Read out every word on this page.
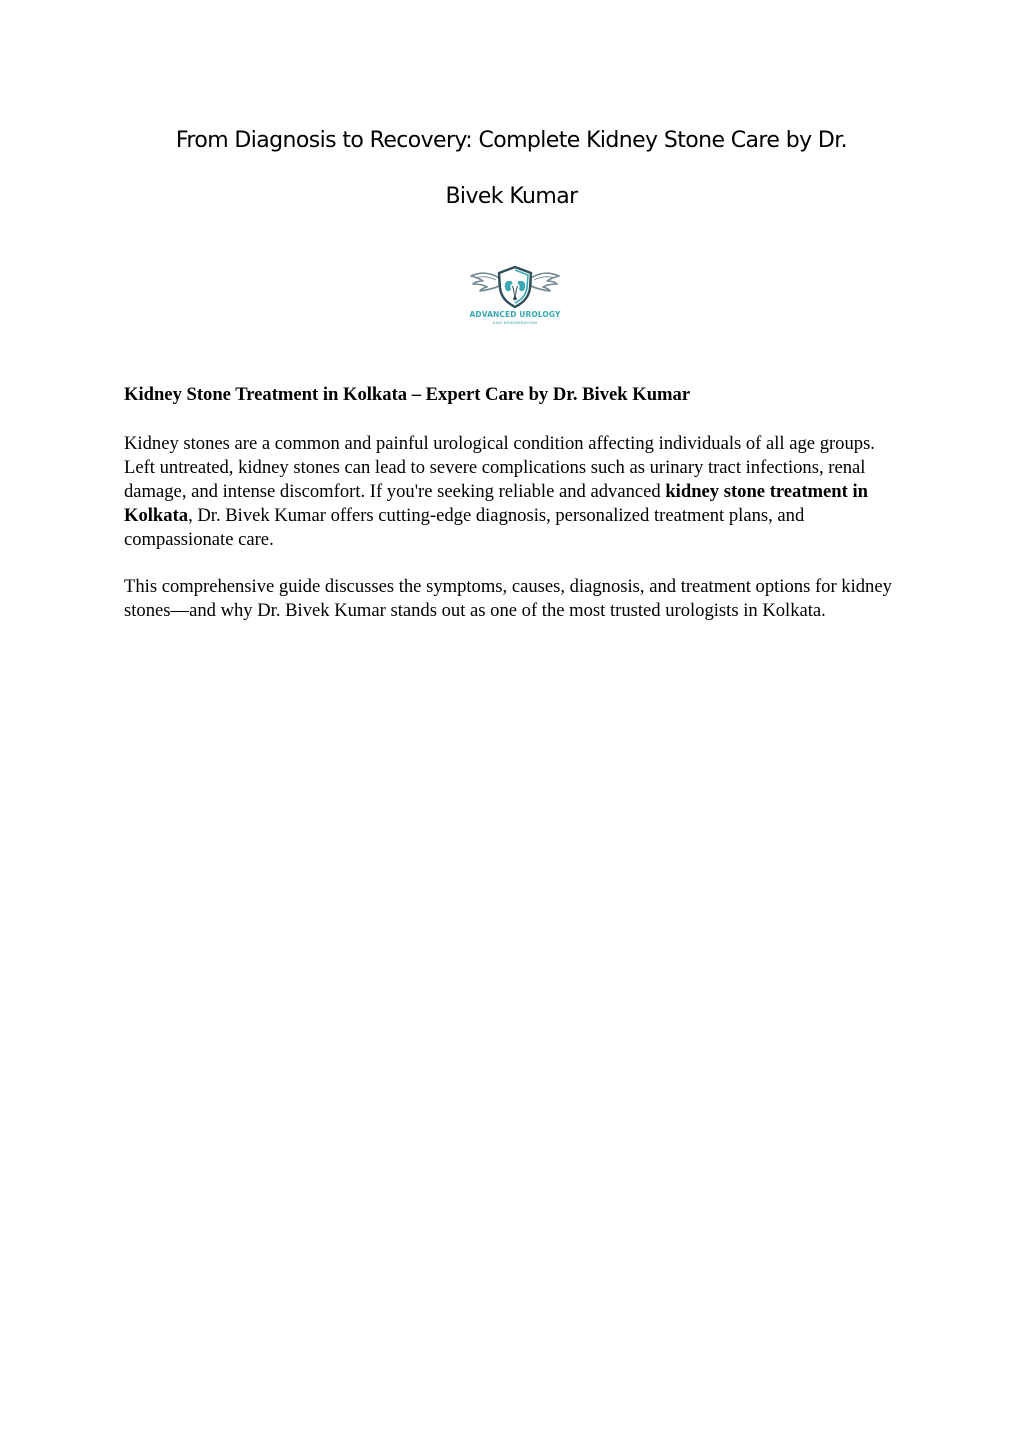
From Diagnosis to Recovery: Complete Kidney Stone Care by Dr.
Bivek Kumar
ADVANCED UROLOGY
AND REGENERATION

Kidney Stone Treatment in Kolkata – Expert Care by Dr. Bivek Kumar

Kidney stones are a common and painful urological condition affecting individuals of all age groups. Left untreated, kidney stones can lead to severe complications such as urinary tract infections, renal damage, and intense discomfort. If you're seeking reliable and advanced kidney stone treatment in Kolkata, Dr. Bivek Kumar offers cutting-edge diagnosis, personalized treatment plans, and compassionate care.

This comprehensive guide discusses the symptoms, causes, diagnosis, and treatment options for kidney stones—and why Dr. Bivek Kumar stands out as one of the most trusted urologists in Kolkata.
